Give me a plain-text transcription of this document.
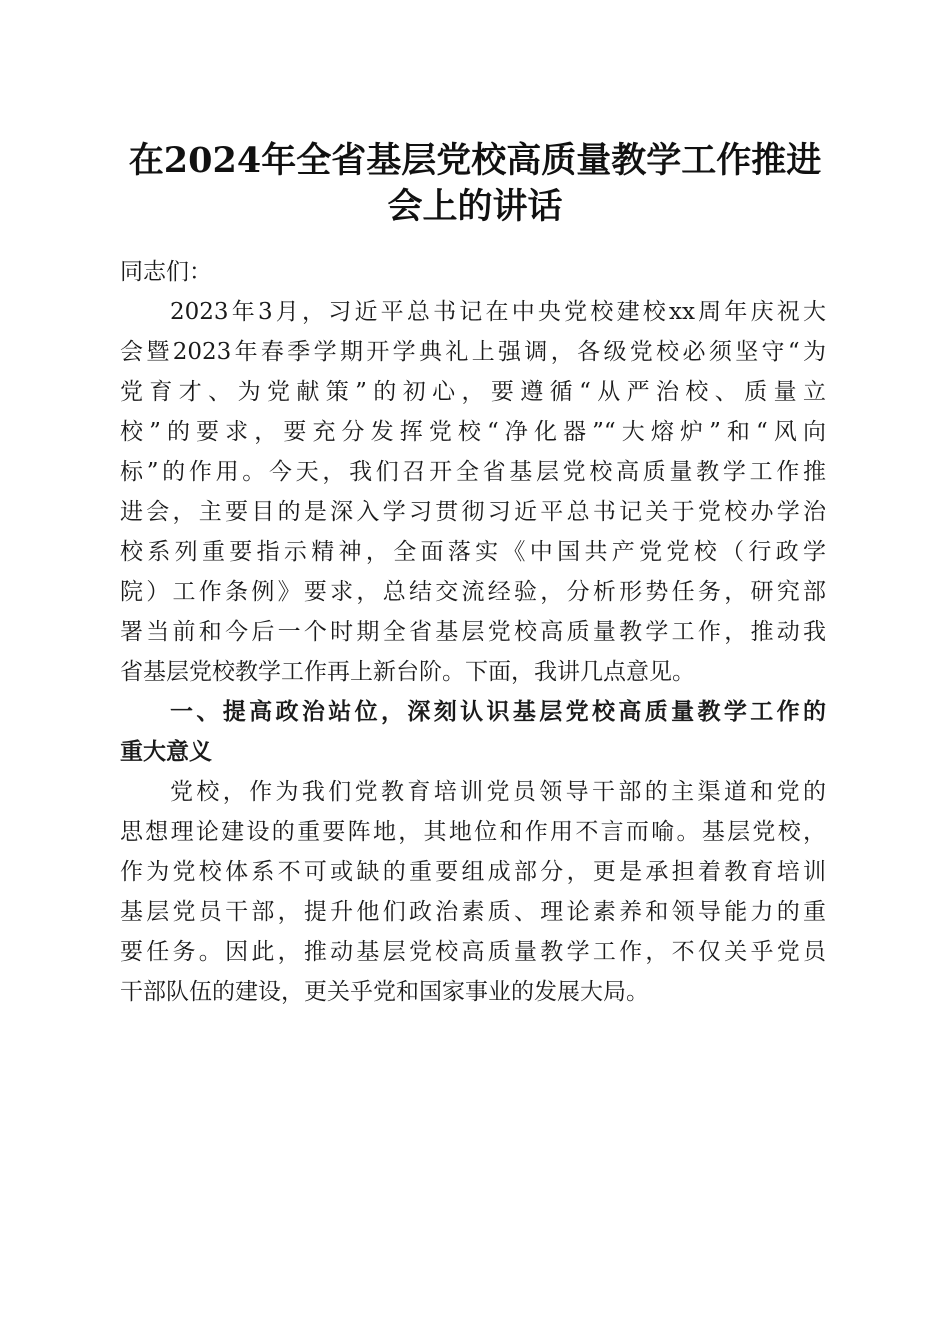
在2024年全省基层党校高质量教学工作推进
会上的讲话
同志们：
2023年3月，习近平总书记在中央党校建校xx周年庆祝大
会暨2023年春季学期开学典礼上强调，各级党校必须坚守“为
党育才、为党献策”的初心，要遵循“从严治校、质量立
校”的要求，要充分发挥党校“净化器”“大熔炉”和“风向
标”的作用。今天，我们召开全省基层党校高质量教学工作推
进会，主要目的是深入学习贯彻习近平总书记关于党校办学治
校系列重要指示精神，全面落实《中国共产党党校（行政学
院）工作条例》要求，总结交流经验，分析形势任务，研究部
署当前和今后一个时期全省基层党校高质量教学工作，推动我
省基层党校教学工作再上新台阶。下面，我讲几点意见。
一、提高政治站位，深刻认识基层党校高质量教学工作的
重大意义
党校，作为我们党教育培训党员领导干部的主渠道和党的
思想理论建设的重要阵地，其地位和作用不言而喻。基层党校，
作为党校体系不可或缺的重要组成部分，更是承担着教育培训
基层党员干部，提升他们政治素质、理论素养和领导能力的重
要任务。因此，推动基层党校高质量教学工作，不仅关乎党员
干部队伍的建设，更关乎党和国家事业的发展大局。
